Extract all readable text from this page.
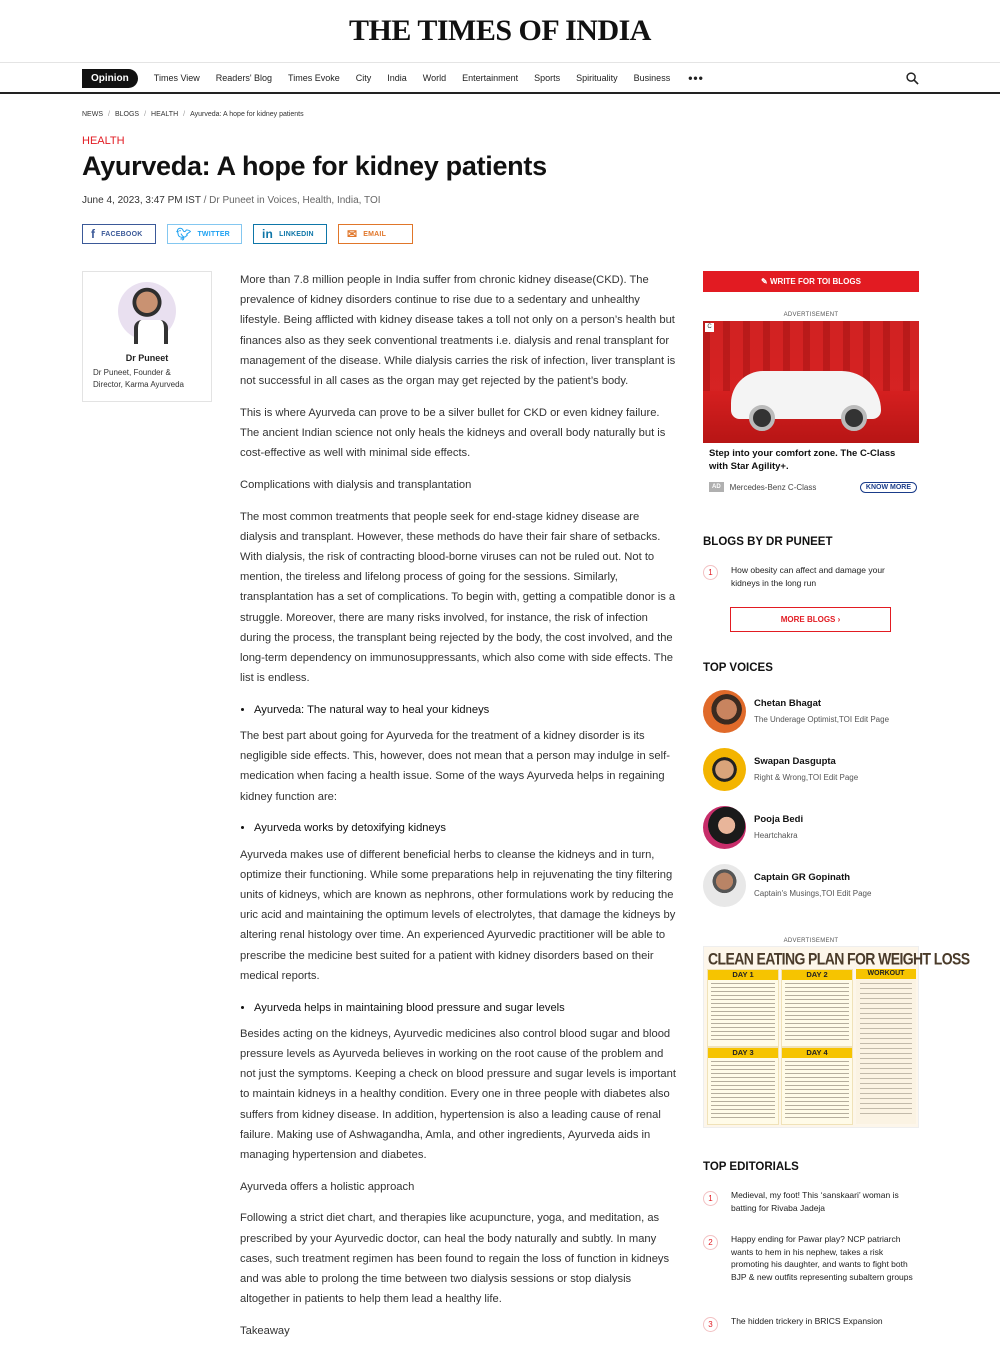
THE TIMES OF INDIA
Opinion	Times View Readers' Blog Times Evoke City India World Entertainment Sports Spirituality Business •••
NEWS / BLOGS / HEALTH / Ayurveda: A hope for kidney patients
HEALTH
Ayurveda: A hope for kidney patients
June 4, 2023, 3:47 PM IST / Dr Puneet in Voices, Health, India, TOI
f FACEBOOK	🐦︎ TWITTER	in LINKEDIN	✉ EMAIL
Dr Puneet
Dr Puneet, Founder & Director, Karma Ayurveda

More than 7.8 million people in India suffer from chronic kidney disease(CKD). The prevalence of kidney disorders continue to rise due to a sedentary and unhealthy lifestyle. Being afflicted with kidney disease takes a toll not only on a person’s health but finances also as they seek conventional treatments i.e. dialysis and renal transplant for management of the disease. While dialysis carries the risk of infection, liver transplant is not successful in all cases as the organ may get rejected by the patient’s body.

This is where Ayurveda can prove to be a silver bullet for CKD or even kidney failure. The ancient Indian science not only heals the kidneys and overall body naturally but is cost-effective as well with minimal side effects.

Complications with dialysis and transplantation

The most common treatments that people seek for end-stage kidney disease are dialysis and transplant. However, these methods do have their fair share of setbacks. With dialysis, the risk of contracting blood-borne viruses can not be ruled out. Not to mention, the tireless and lifelong process of going for the sessions. Similarly, transplantation has a set of complications. To begin with, getting a compatible donor is a struggle. Moreover, there are many risks involved, for instance, the risk of infection during the process, the transplant being rejected by the body, the cost involved, and the long-term dependency on immunosuppressants, which also come with side effects. The list is endless.

• Ayurveda: The natural way to heal your kidneys

The best part about going for Ayurveda for the treatment of a kidney disorder is its negligible side effects. This, however, does not mean that a person may indulge in self-medication when facing a health issue. Some of the ways Ayurveda helps in regaining kidney function are:

• Ayurveda works by detoxifying kidneys

Ayurveda makes use of different beneficial herbs to cleanse the kidneys and in turn, optimize their functioning. While some preparations help in rejuvenating the tiny filtering units of kidneys, which are known as nephrons, other formulations work by reducing the uric acid and maintaining the optimum levels of electrolytes, that damage the kidneys by altering renal histology over time. An experienced Ayurvedic practitioner will be able to prescribe the medicine best suited for a patient with kidney disorders based on their medical reports.

• Ayurveda helps in maintaining blood pressure and sugar levels

Besides acting on the kidneys, Ayurvedic medicines also control blood sugar and blood pressure levels as Ayurveda believes in working on the root cause of the problem and not just the symptoms. Keeping a check on blood pressure and sugar levels is important to maintain kidneys in a healthy condition. Every one in three people with diabetes also suffers from kidney disease. In addition, hypertension is also a leading cause of renal failure. Making use of Ashwagandha, Amla, and other ingredients, Ayurveda aids in managing hypertension and diabetes.

Ayurveda offers a holistic approach

Following a strict diet chart, and therapies like acupuncture, yoga, and meditation, as prescribed by your Ayurvedic doctor, can heal the body naturally and subtly. In many cases, such treatment regimen has been found to regain the loss of function in kidneys and was able to prolong the time between two dialysis sessions or stop dialysis altogether in patients to help them lead a healthy life.

Takeaway

✎ WRITE FOR TOI BLOGS
ADVERTISEMENT
C
Step into your comfort zone. The C-Class with Star Agility+.
AD	Mercedes-Benz C-Class	KNOW MORE
BLOGS BY DR PUNEET
1	How obesity can affect and damage your kidneys in the long run
MORE BLOGS ›
TOP VOICES
Chetan Bhagat
The Underage Optimist,TOI Edit Page
Swapan Dasgupta
Right & Wrong,TOI Edit Page
Pooja Bedi
Heartchakra
Captain GR Gopinath
Captain's Musings,TOI Edit Page
ADVERTISEMENT
CLEAN EATING PLAN FOR WEIGHT LOSS
DAY 1	DAY 2
DAY 3	DAY 4
WORKOUT
TOP EDITORIALS
1	Medieval, my foot! This ‘sanskaari’ woman is batting for Rivaba Jadeja
2	Happy ending for Pawar play? NCP patriarch wants to hem in his nephew, takes a risk promoting his daughter, and wants to fight both BJP & new outfits representing subaltern groups
3	The hidden trickery in BRICS Expansion
